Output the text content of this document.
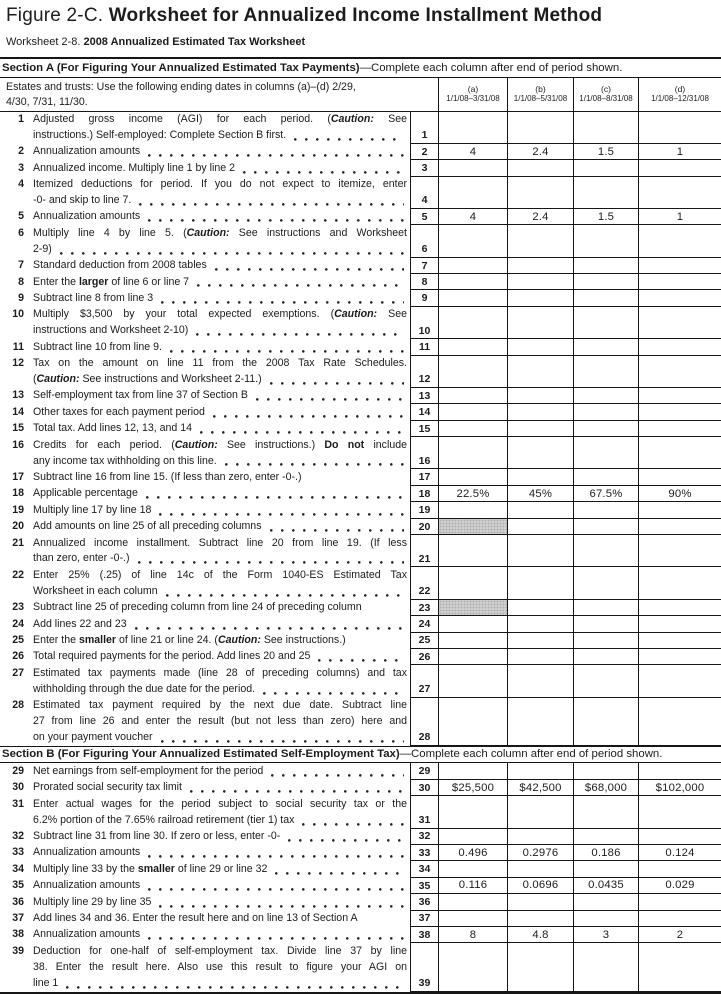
Figure 2-C. Worksheet for Annualized Income Installment Method
Worksheet 2-8. 2008 Annualized Estimated Tax Worksheet
Section A (For Figuring Your Annualized Estimated Tax Payments)—Complete each column after end of period shown.
Estates and trusts: Use the following ending dates in columns (a)–(d) 2/29,
4/30, 7/31, 11/30.
(a)
1/1/08–3/31/08
(b)
1/1/08–5/31/08
(c)
1/1/08–8/31/08
(d)
1/1/08–12/31/08
1 Adjusted gross income (AGI) for each period. (Caution: See
instructions.) Self-employed: Complete Section B first.	1
2 Annualization amounts	2	4	2.4	1.5	1
3 Annualized income. Multiply line 1 by line 2	3
4 Itemized deductions for period. If you do not expect to itemize, enter
-0- and skip to line 7.	4
5 Annualization amounts	5	4	2.4	1.5	1
6 Multiply line 4 by line 5. (Caution: See instructions and Worksheet
2-9)	6
7 Standard deduction from 2008 tables	7
8 Enter the larger of line 6 or line 7	8
9 Subtract line 8 from line 3	9
10 Multiply $3,500 by your total expected exemptions. (Caution: See
instructions and Worksheet 2-10)	10
11 Subtract line 10 from line 9.	11
12 Tax on the amount on line 11 from the 2008 Tax Rate Schedules.
(Caution: See instructions and Worksheet 2-11.)	12
13 Self-employment tax from line 37 of Section B	13
14 Other taxes for each payment period	14
15 Total tax. Add lines 12, 13, and 14	15
16 Credits for each period. (Caution: See instructions.) Do not include
any income tax withholding on this line.	16
17 Subtract line 16 from line 15. (If less than zero, enter -0-.)	17
18 Applicable percentage	18	22.5%	45%	67.5%	90%
19 Multiply line 17 by line 18	19
20 Add amounts on line 25 of all preceding columns	20
21 Annualized income installment. Subtract line 20 from line 19. (If less
than zero, enter -0-.)	21
22 Enter 25% (.25) of line 14c of the Form 1040-ES Estimated Tax
Worksheet in each column	22
23 Subtract line 25 of preceding column from line 24 of preceding column	23
24 Add lines 22 and 23	24
25 Enter the smaller of line 21 or line 24. (Caution: See instructions.)	25
26 Total required payments for the period. Add lines 20 and 25	26
27 Estimated tax payments made (line 28 of preceding columns) and tax
withholding through the due date for the period.	27
28 Estimated tax payment required by the next due date. Subtract line
27 from line 26 and enter the result (but not less than zero) here and
on your payment voucher	28
Section B (For Figuring Your Annualized Estimated Self-Employment Tax)—Complete each column after end of period shown.
29 Net earnings from self-employment for the period	29
30 Prorated social security tax limit	30	$25,500	$42,500	$68,000	$102,000
31 Enter actual wages for the period subject to social security tax or the
6.2% portion of the 7.65% railroad retirement (tier 1) tax	31
32 Subtract line 31 from line 30. If zero or less, enter -0-	32
33 Annualization amounts	33	0.496	0.2976	0.186	0.124
34 Multiply line 33 by the smaller of line 29 or line 32	34
35 Annualization amounts	35	0.116	0.0696	0.0435	0.029
36 Multiply line 29 by line 35	36
37 Add lines 34 and 36. Enter the result here and on line 13 of Section A	37
38 Annualization amounts	38	8	4.8	3	2
39 Deduction for one-half of self-employment tax. Divide line 37 by line
38. Enter the result here. Also use this result to figure your AGI on
line 1	39
